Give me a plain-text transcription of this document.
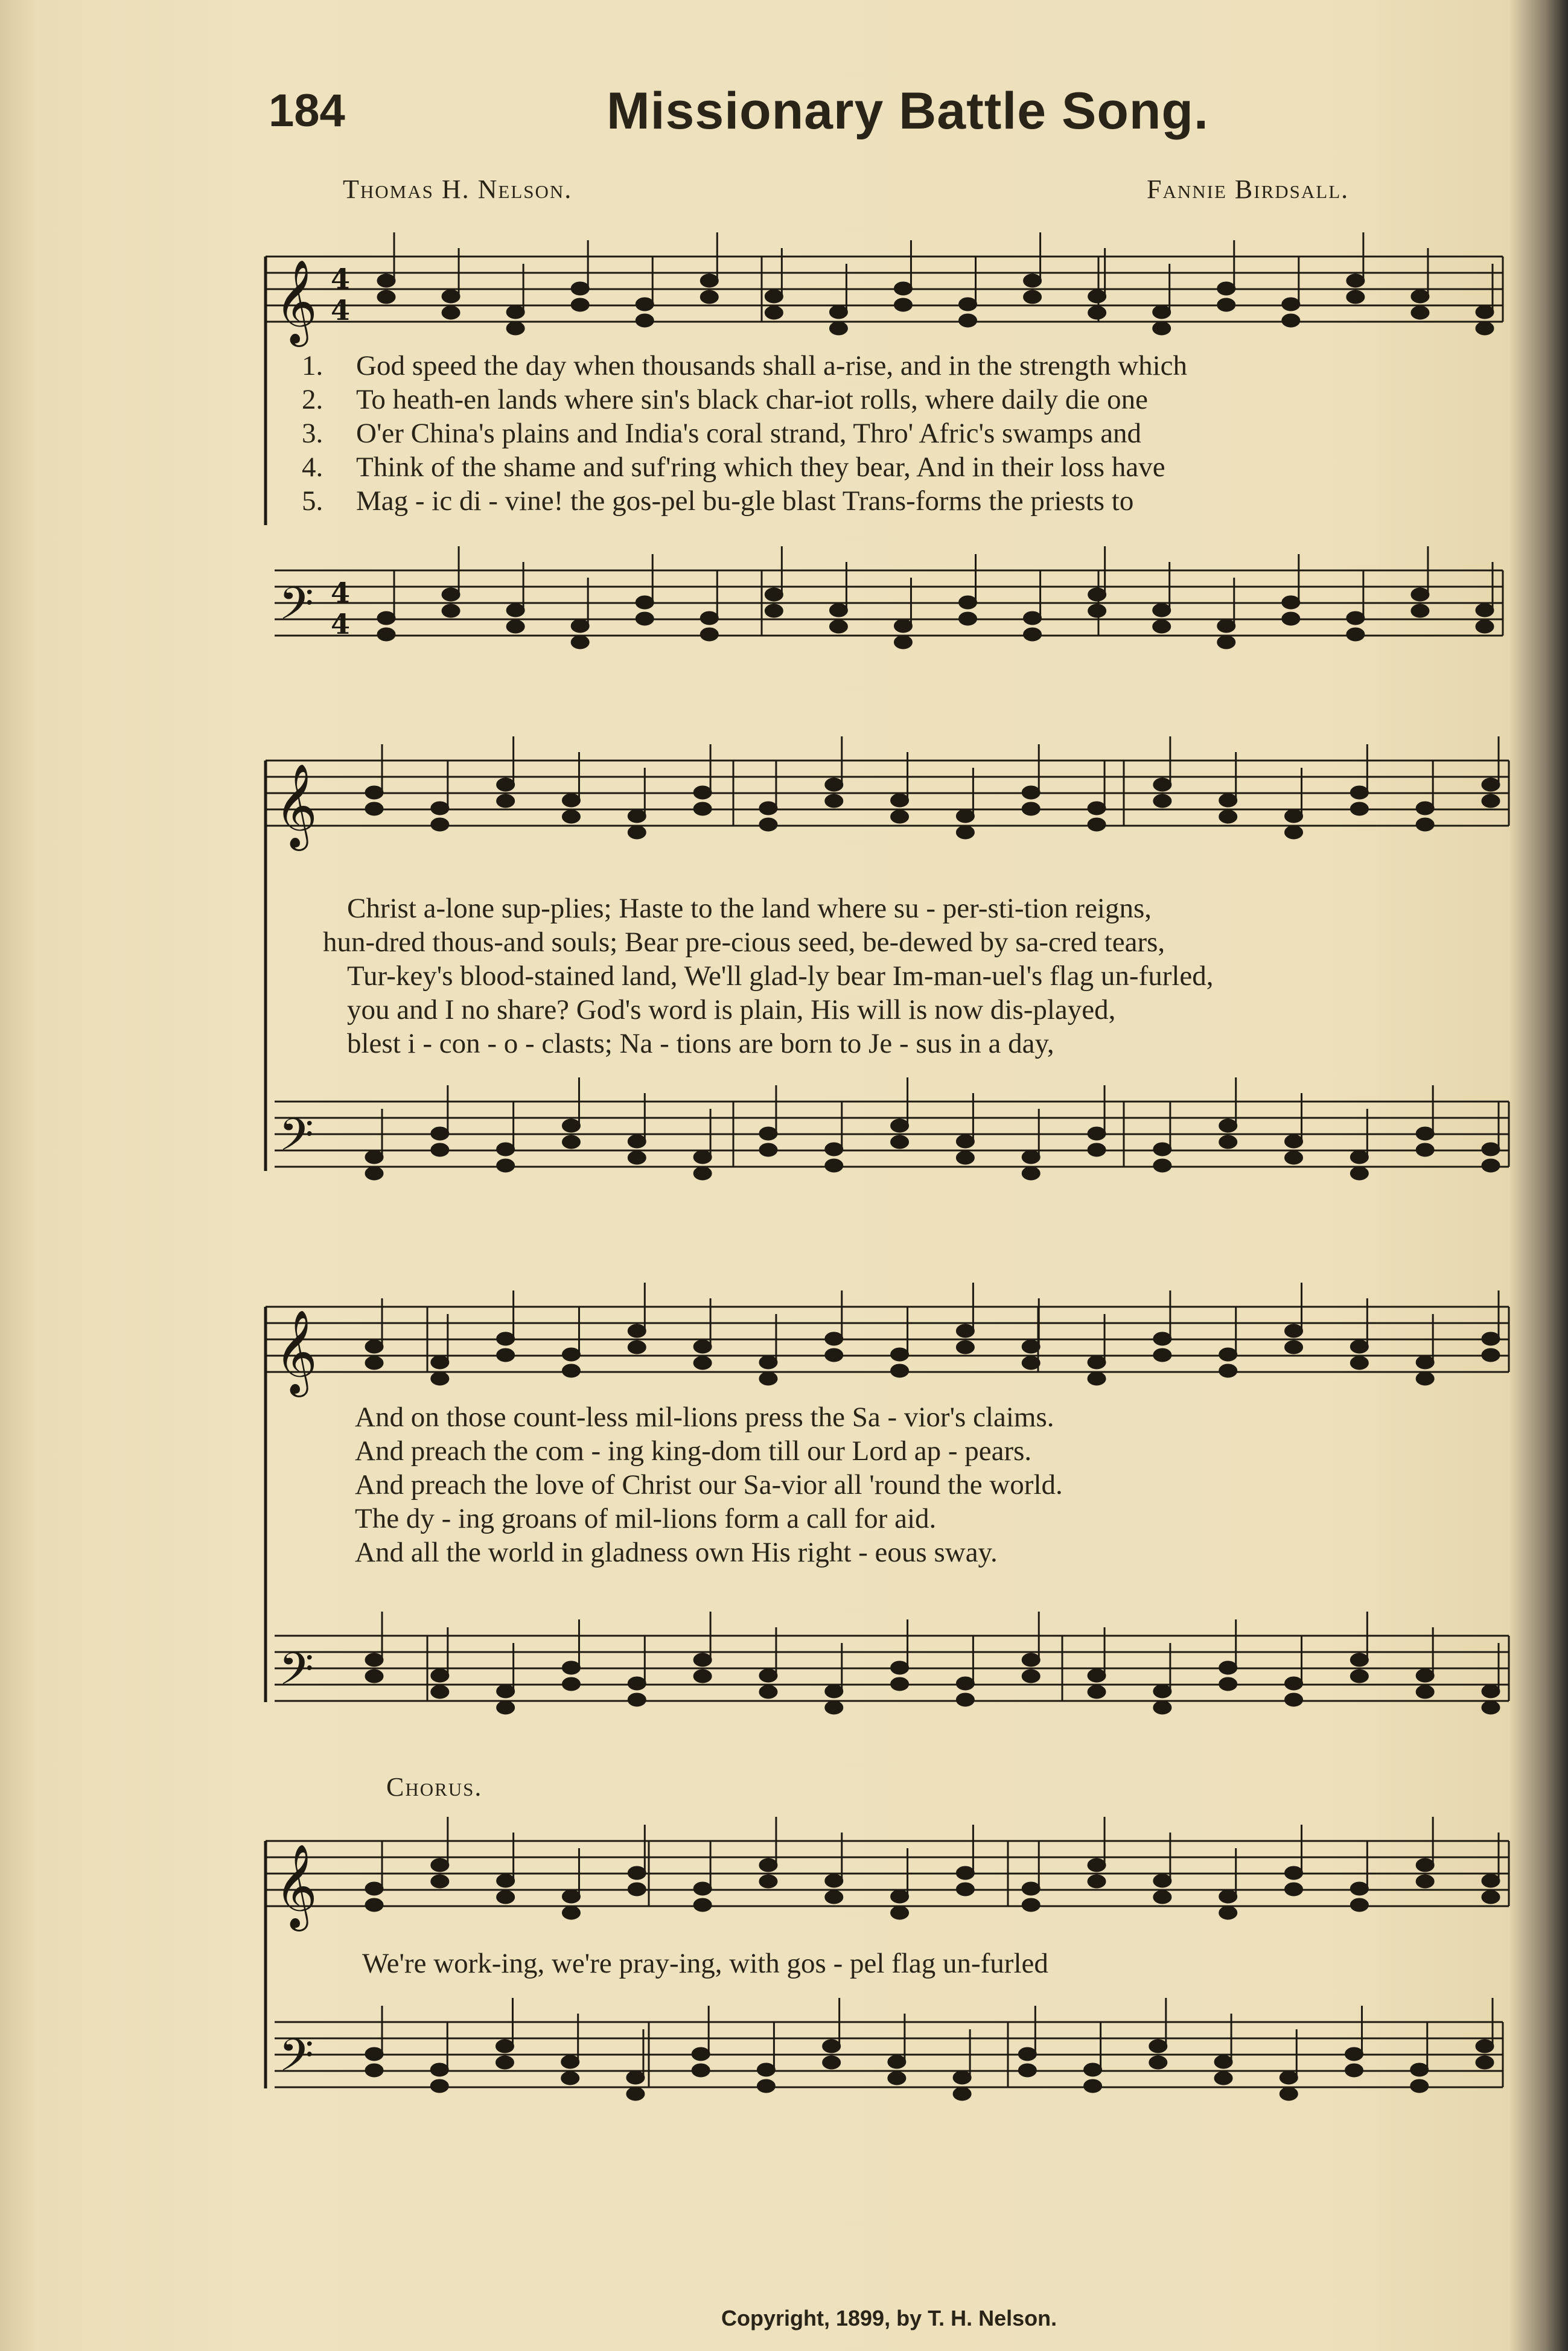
184	Missionary Battle Song.
Thomas H. Nelson.	Fannie Birdsall.
𝄞 4
4
𝄢 4
4
𝄞
𝄢
𝄞
𝄢
𝄞
𝄢
1. God speed the day when thousands shall a-rise, and in the strength which
2. To heath-en lands where sin's black char-iot rolls, where daily die one
3. O'er China's plains and India's coral strand, Thro' Afric's swamps and
4. Think of the shame and suf'ring which they bear, And in their loss have
5. Mag - ic di - vine! the gos-pel bu-gle blast Trans-forms the priests to
Christ a-lone sup-plies; Haste to the land where su - per-sti-tion reigns,
hun-dred thous-and souls; Bear pre-cious seed, be-dewed by sa-cred tears,
Tur-key's blood-stained land, We'll glad-ly bear Im-man-uel's flag un-furled,
you and I no share? God's word is plain, His will is now dis-played,
blest i - con - o - clasts; Na - tions are born to Je - sus in a day,
And on those count-less mil-lions press the Sa - vior's claims.
And preach the com - ing king-dom till our Lord ap - pears.
And preach the love of Christ our Sa-vior all 'round the world.
The dy - ing groans of mil-lions form a call for aid.
And all the world in gladness own His right - eous sway.
Chorus.
We're work-ing, we're pray-ing, with gos - pel flag un-furled
Copyright, 1899, by T. H. Nelson.
